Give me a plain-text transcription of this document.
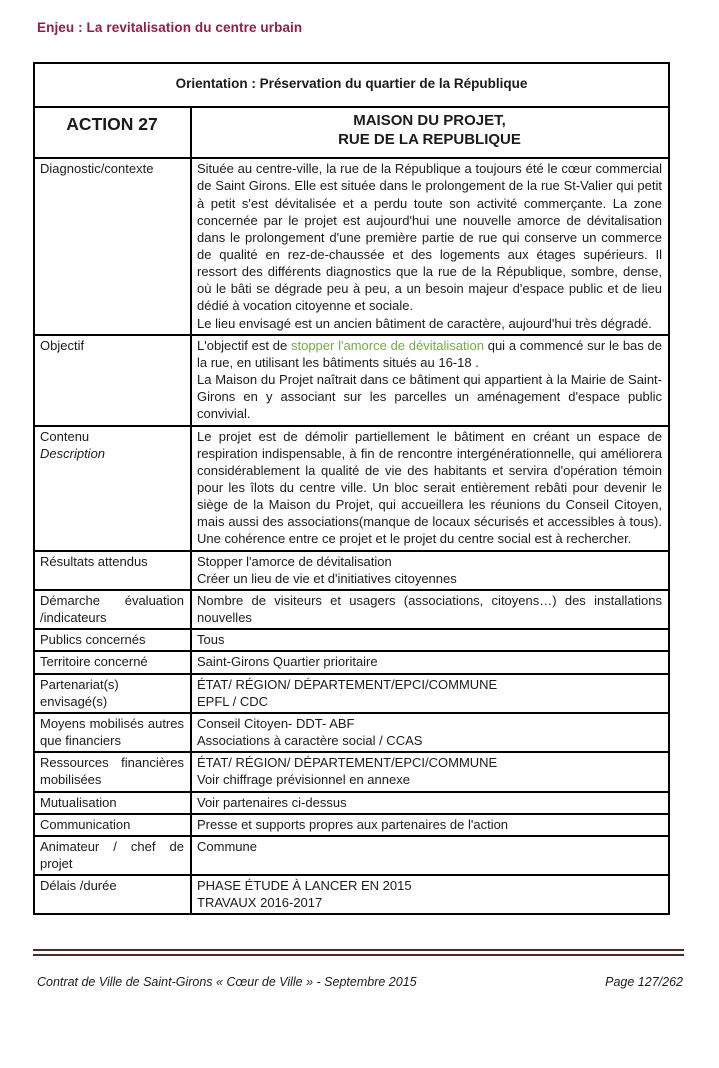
Enjeu : La revitalisation du centre urbain
Orientation : Préservation du quartier de la République	
ACTION 27	MAISON DU PROJET,
RUE DE LA REPUBLIQUE

Diagnostic/contexte	Située au centre-ville, la rue de la République a toujours été le cœur commercial de Saint Girons. Elle est située dans le prolongement de la rue St-Valier qui petit à petit s'est dévitalisée et a perdu toute son activité commerçante. La zone concernée par le projet est aujourd'hui une nouvelle amorce de dévitalisation dans le prolongement d'une première partie de rue qui conserve un commerce de qualité en rez-de-chaussée et des logements aux étages supérieurs. Il ressort des différents diagnostics que la rue de la République, sombre, dense, où le bâti se dégrade peu à peu, a un besoin majeur d'espace public et de lieu dédié à vocation citoyenne et sociale.

Le lieu envisagé est un ancien bâtiment de caractère, aujourd'hui très dégradé.

Objectif	L'objectif est de stopper l'amorce de dévitalisation qui a commencé sur le bas de la rue, en utilisant les bâtiments situés au 16-18 .

La Maison du Projet naîtrait dans ce bâtiment qui appartient à la Mairie de Saint-Girons en y associant sur les parcelles un aménagement d'espace public convivial.

Contenu
Description	Le projet est de démolir partiellement le bâtiment en créant un espace de respiration indispensable, à fin de rencontre intergénérationnelle, qui améliorera considérablement la qualité de vie des habitants et servira d'opération témoin pour les îlots du centre ville. Un bloc serait entièrement rebâti pour devenir le siège de la Maison du Projet, qui accueillera les réunions du Conseil Citoyen, mais aussi des associations(manque de locaux sécurisés et accessibles à tous). Une cohérence entre ce projet et le projet du centre social est à rechercher.

Résultats attendus	Stopper l'amorce de dévitalisation

Créer un lieu de vie et d'initiatives citoyennes

Démarche évaluation /indicateurs	Nombre de visiteurs et usagers (associations, citoyens…) des installations nouvelles

Publics concernés	Tous

Territoire concerné	Saint-Girons Quartier prioritaire

Partenariat(s) envisagé(s)	ÉTAT/ RÉGION/ DÉPARTEMENT/EPCI/COMMUNE

EPFL / CDC

Moyens mobilisés autres que financiers	Conseil Citoyen- DDT- ABF

Associations à caractère social / CCAS

Ressources financières mobilisées	ÉTAT/ RÉGION/ DÉPARTEMENT/EPCI/COMMUNE

Voir chiffrage prévisionnel en annexe

Mutualisation	Voir partenaires ci-dessus

Communication	Presse et supports propres aux partenaires de l'action

Animateur / chef de projet	Commune

Délais /durée	PHASE ÉTUDE À LANCER EN 2015

TRAVAUX 2016-2017

Contrat de Ville de Saint-Girons « Cœur de Ville » - Septembre 2015	Page 127/262
